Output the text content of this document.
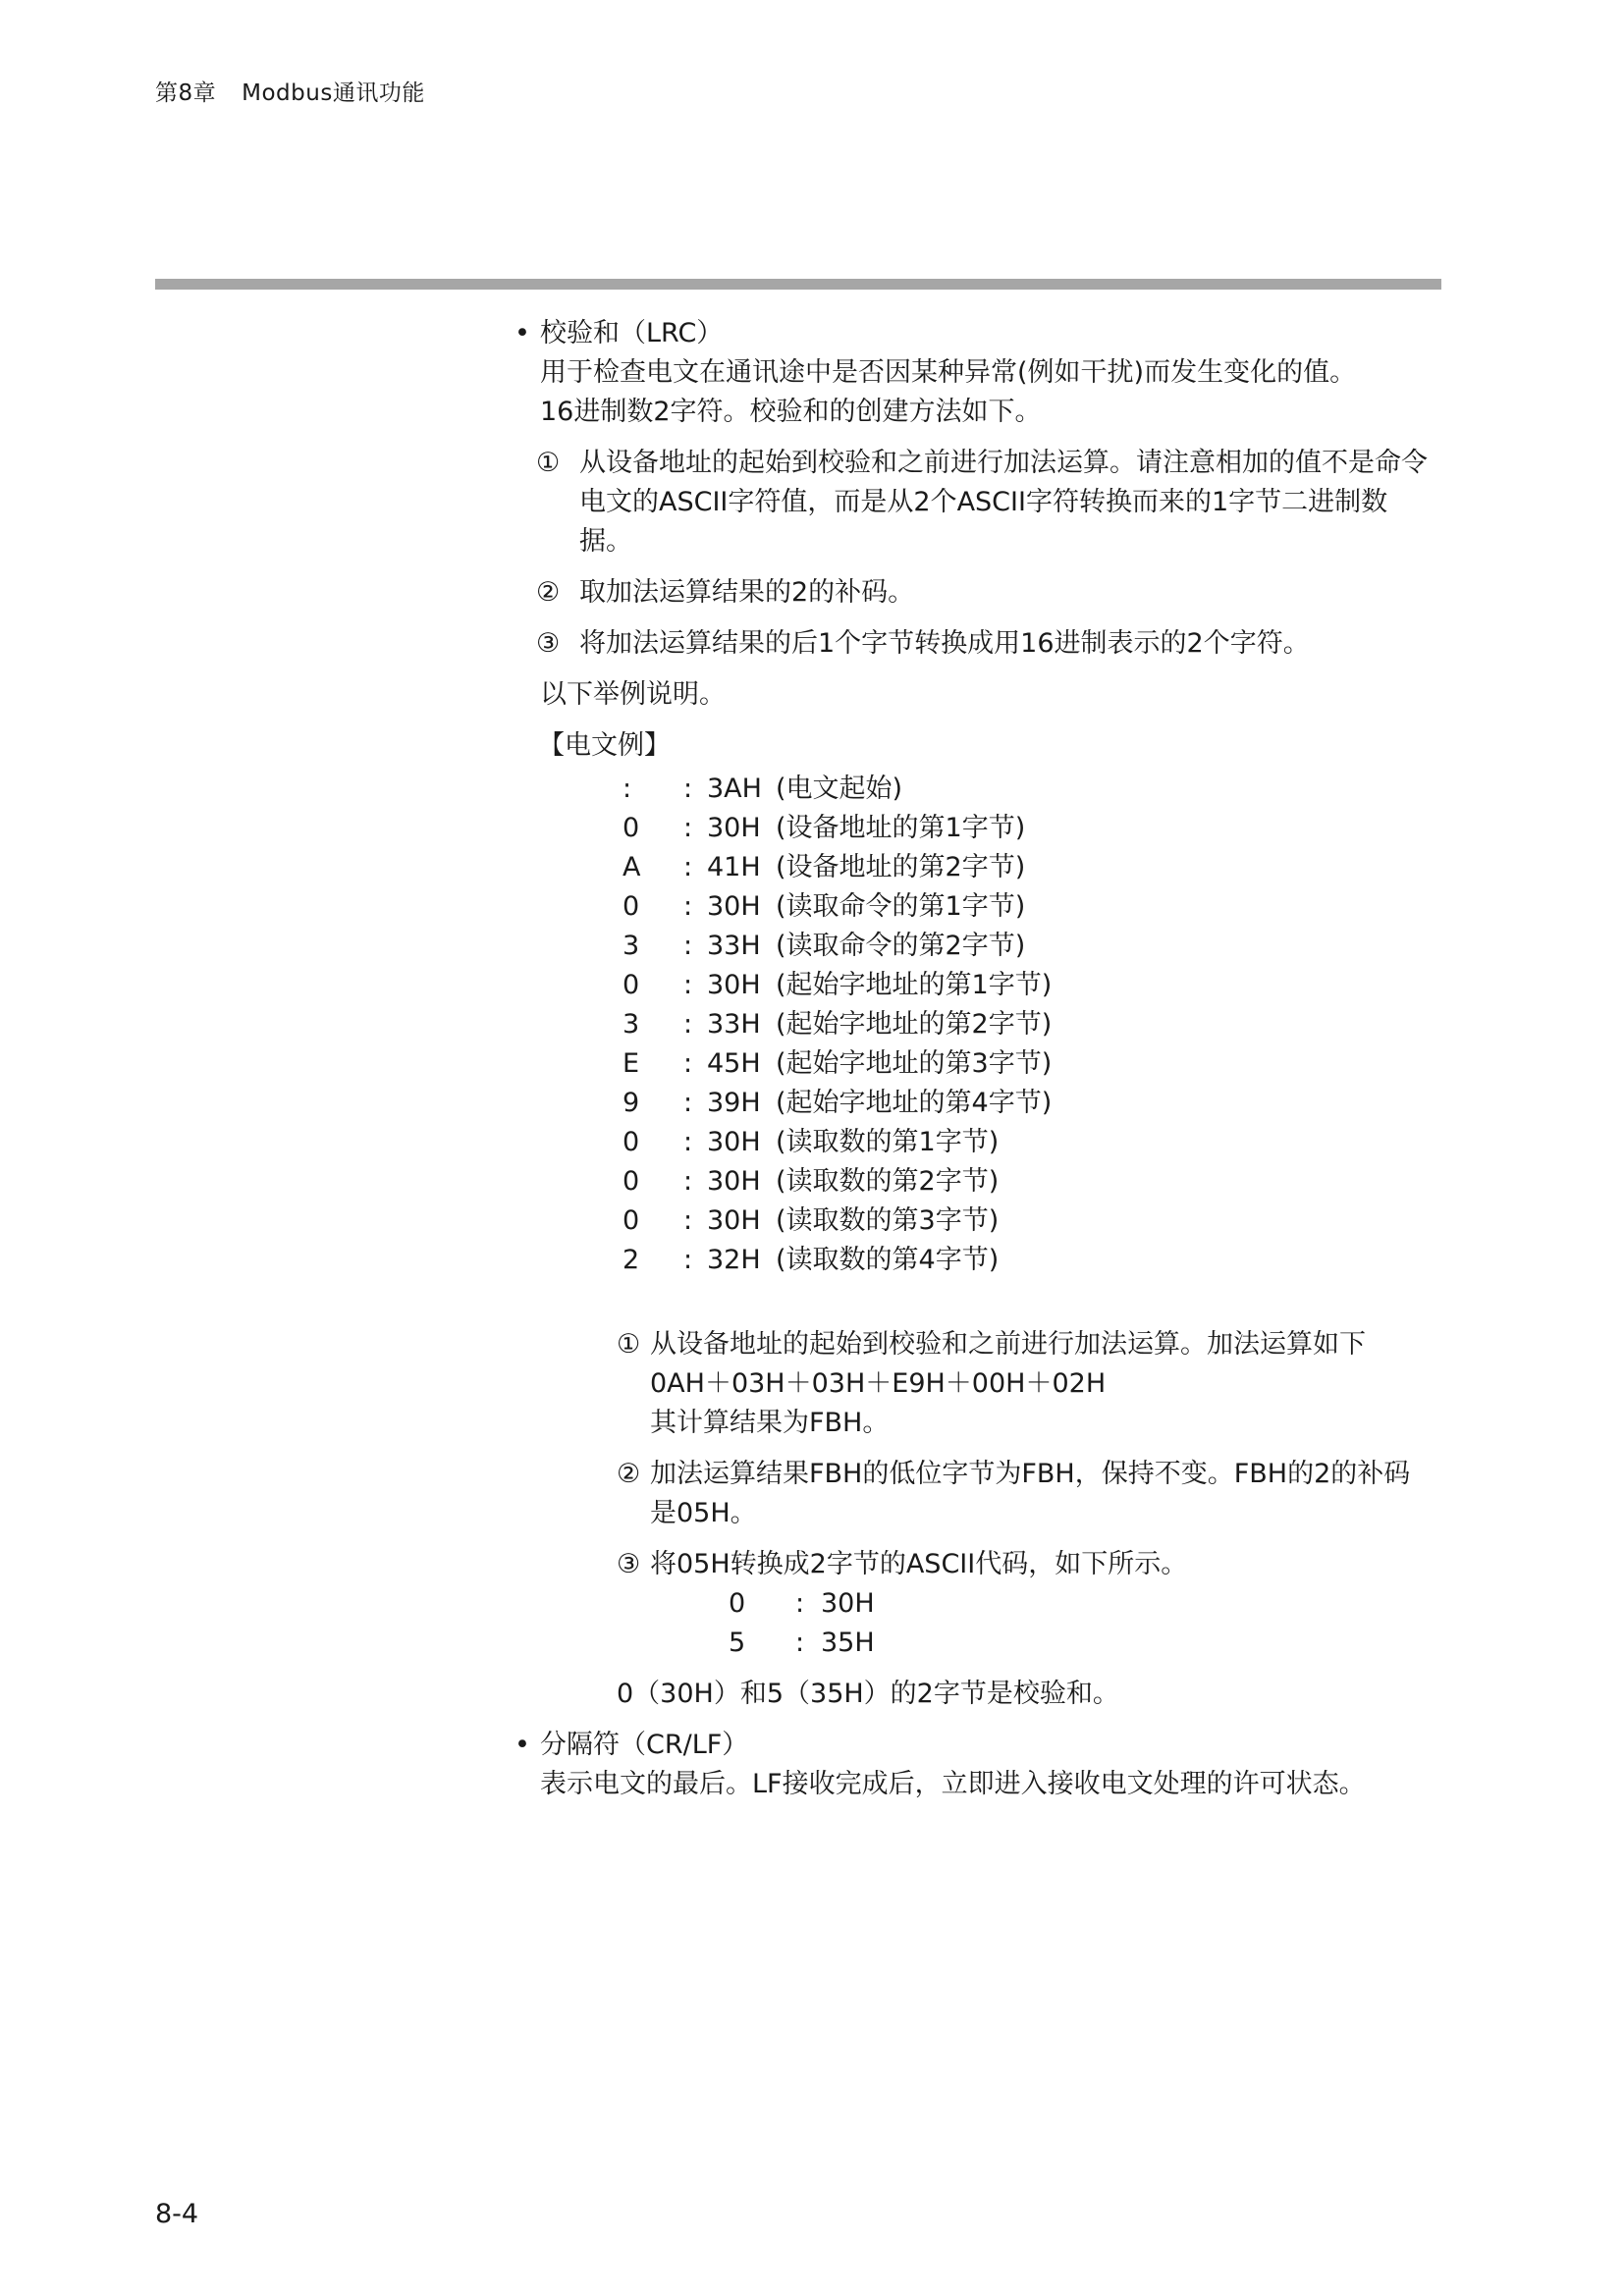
第8章 Modbus通讯功能
• 校验和（LRC）
用于检查电文在通讯途中是否因某种异常(例如干扰)而发生变化的值。
16进制数2字符。校验和的创建方法如下。
① 从设备地址的起始到校验和之前进行加法运算。请注意相加的值不是命令电文的ASCII字符值，而是从2个ASCII字符转换而来的1字节二进制数据。
② 取加法运算结果的2的补码。
③ 将加法运算结果的后1个字节转换成用16进制表示的2个字符。
以下举例说明。
【电文例】
:	:	3AH	(电文起始)
0	:	30H	(设备地址的第1字节)
A	:	41H	(设备地址的第2字节)
0	:	30H	(读取命令的第1字节)
3	:	33H	(读取命令的第2字节)
0	:	30H	(起始字地址的第1字节)
3	:	33H	(起始字地址的第2字节)
E	:	45H	(起始字地址的第3字节)
9	:	39H	(起始字地址的第4字节)
0	:	30H	(读取数的第1字节)
0	:	30H	(读取数的第2字节)
0	:	30H	(读取数的第3字节)
2	:	32H	(读取数的第4字节)
① 从设备地址的起始到校验和之前进行加法运算。加法运算如下
0AH＋03H＋03H＋E9H＋00H＋02H
其计算结果为FBH。
② 加法运算结果FBH的低位字节为FBH，保持不变。FBH的2的补码是05H。
③ 将05H转换成2字节的ASCII代码，如下所示。
0	:	30H
5	:	35H
0（30H）和5（35H）的2字节是校验和。
• 分隔符（CR/LF）
表示电文的最后。LF接收完成后，立即进入接收电文处理的许可状态。
8-4
